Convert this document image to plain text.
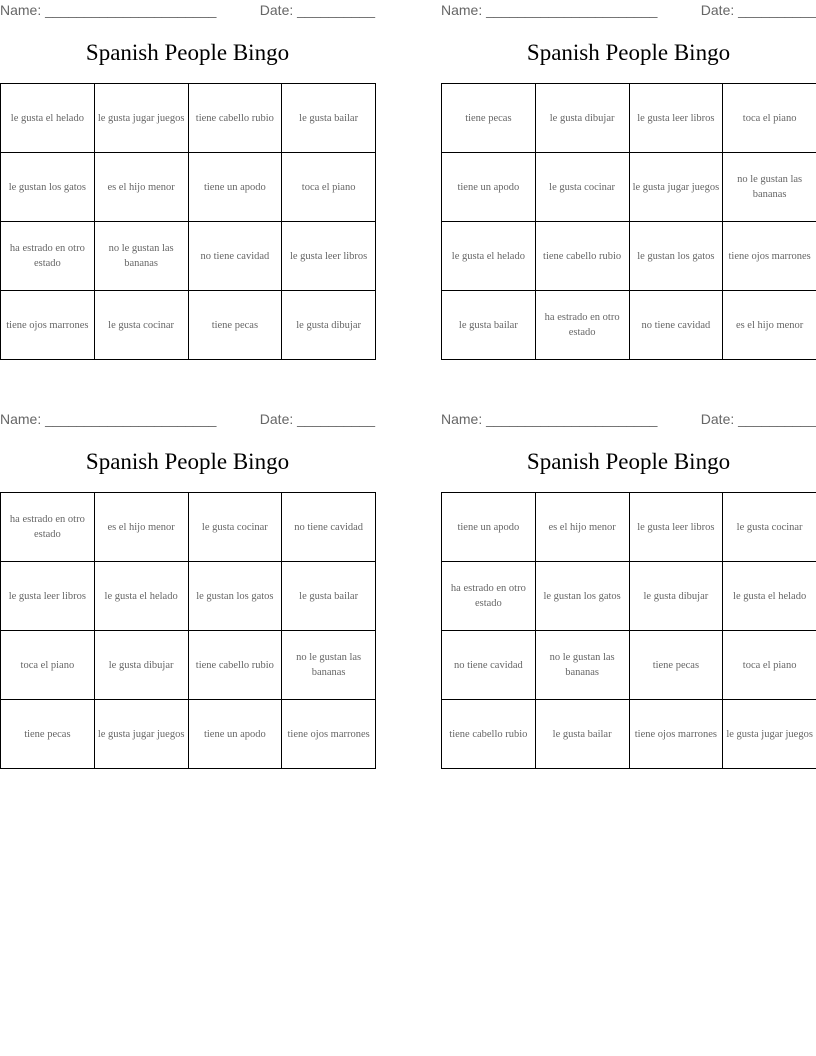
Name: ______________________	Date: __________
Spanish People Bingo
le gusta el helado	le gusta jugar juegos	tiene cabello rubio	le gusta bailar
le gustan los gatos	es el hijo menor	tiene un apodo	toca el piano
ha estrado en otro estado	no le gustan las bananas	no tiene cavidad	le gusta leer libros
tiene ojos marrones	le gusta cocinar	tiene pecas	le gusta dibujar
Name: ______________________	Date: __________
Spanish People Bingo
tiene pecas	le gusta dibujar	le gusta leer libros	toca el piano
tiene un apodo	le gusta cocinar	le gusta jugar juegos	no le gustan las bananas
le gusta el helado	tiene cabello rubio	le gustan los gatos	tiene ojos marrones
le gusta bailar	ha estrado en otro estado	no tiene cavidad	es el hijo menor
Name: ______________________	Date: __________
Spanish People Bingo
ha estrado en otro estado	es el hijo menor	le gusta cocinar	no tiene cavidad
le gusta leer libros	le gusta el helado	le gustan los gatos	le gusta bailar
toca el piano	le gusta dibujar	tiene cabello rubio	no le gustan las bananas
tiene pecas	le gusta jugar juegos	tiene un apodo	tiene ojos marrones
Name: ______________________	Date: __________
Spanish People Bingo
tiene un apodo	es el hijo menor	le gusta leer libros	le gusta cocinar
ha estrado en otro estado	le gustan los gatos	le gusta dibujar	le gusta el helado
no tiene cavidad	no le gustan las bananas	tiene pecas	toca el piano
tiene cabello rubio	le gusta bailar	tiene ojos marrones	le gusta jugar juegos
